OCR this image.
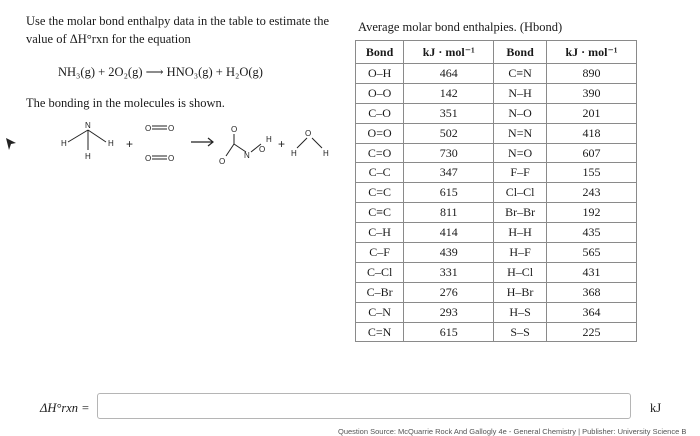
Use the molar bond enthalpy data in the table to estimate the value of ΔH°rxn for the equation
NH₃(g) + 2O₂(g) ⟶ HNO₃(g) + H₂O(g)
The bonding in the molecules is shown.
N
H	H
H
+
O O
O O
O
O
N
O
H +
O
H	H
Average molar bond enthalpies. (Hbond)
Bond	kJ · mol⁻¹	Bond	kJ · mol⁻¹
O–H	464	C≡N	890
O–O	142	N–H	390
C–O	351	N–O	201
O=O	502	N=N	418
C=O	730	N=O	607
C–C	347	F–F	155
C=C	615	Cl–Cl	243
C≡C	811	Br–Br	192
C–H	414	H–H	435
C–F	439	H–F	565
C–Cl	331	H–Cl	431
C–Br	276	H–Br	368
C–N	293	H–S	364
C=N	615	S–S	225
ΔH°rxn =	kJ
Question Source: McQuarrie Rock And Gallogly 4e - General Chemistry | Publisher: University Science B
